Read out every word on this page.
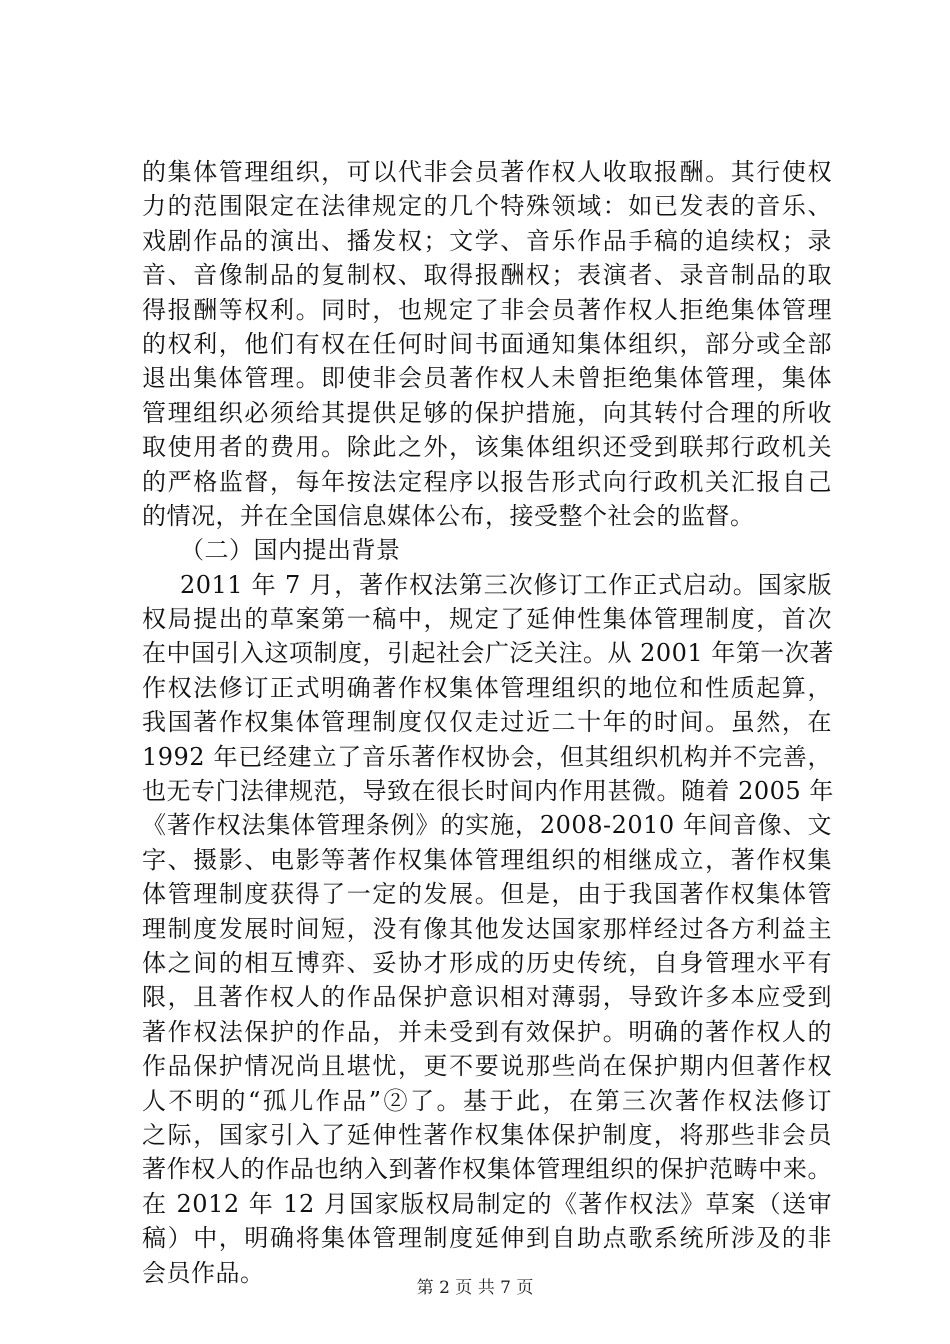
的集体管理组织，可以代非会员著作权人收取报酬。其行使权
力的范围限定在法律规定的几个特殊领域：如已发表的音乐、
戏剧作品的演出、播发权；文学、音乐作品手稿的追续权；录
音、音像制品的复制权、取得报酬权；表演者、录音制品的取
得报酬等权利。同时，也规定了非会员著作权人拒绝集体管理
的权利，他们有权在任何时间书面通知集体组织，部分或全部
退出集体管理。即使非会员著作权人未曾拒绝集体管理，集体
管理组织必须给其提供足够的保护措施，向其转付合理的所收
取使用者的费用。除此之外，该集体组织还受到联邦行政机关
的严格监督，每年按法定程序以报告形式向行政机关汇报自己
的情况，并在全国信息媒体公布，接受整个社会的监督。
（二）国内提出背景
2011 年 7 月，著作权法第三次修订工作正式启动。国家版
权局提出的草案第一稿中，规定了延伸性集体管理制度，首次
在中国引入这项制度，引起社会广泛关注。从 2001 年第一次著
作权法修订正式明确著作权集体管理组织的地位和性质起算，
我国著作权集体管理制度仅仅走过近二十年的时间。虽然，在
1992 年已经建立了音乐著作权协会，但其组织机构并不完善，
也无专门法律规范，导致在很长时间内作用甚微。随着 2005 年
《著作权法集体管理条例》的实施，2008-2010 年间音像、文
字、摄影、电影等著作权集体管理组织的相继成立，著作权集
体管理制度获得了一定的发展。但是，由于我国著作权集体管
理制度发展时间短，没有像其他发达国家那样经过各方利益主
体之间的相互博弈、妥协才形成的历史传统，自身管理水平有
限，且著作权人的作品保护意识相对薄弱，导致许多本应受到
著作权法保护的作品，并未受到有效保护。明确的著作权人的
作品保护情况尚且堪忧，更不要说那些尚在保护期内但著作权
人不明的“孤儿作品”②了。基于此，在第三次著作权法修订
之际，国家引入了延伸性著作权集体保护制度，将那些非会员
著作权人的作品也纳入到著作权集体管理组织的保护范畴中来。
在 2012 年 12 月国家版权局制定的《著作权法》草案（送审
稿）中，明确将集体管理制度延伸到自助点歌系统所涉及的非
会员作品。
第 2 页 共 7 页
